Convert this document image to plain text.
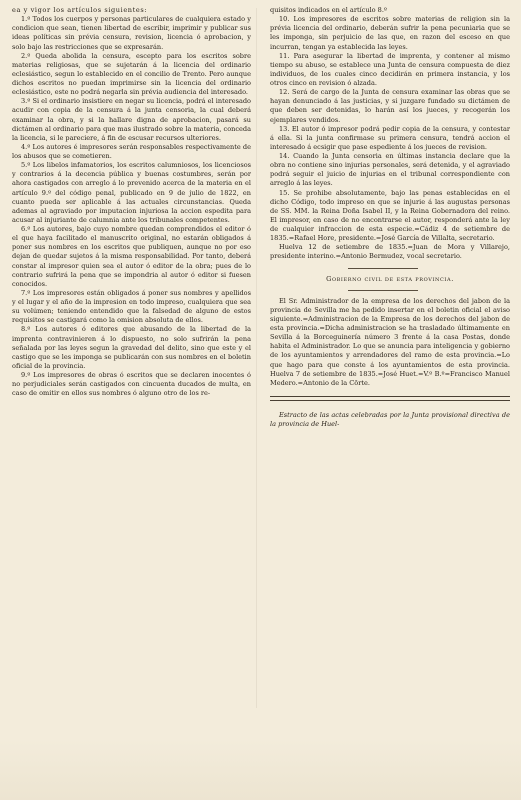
ea y vigor los artículos siguientes:

1.º Todos los cuerpos y personas particulares de cualquiera estado y condicion que sean, tienen libertad de escribir, imprimir y publicar sus ideas políticas sin prévia censura, revision, licencia ó aprobacion, y solo bajo las restricciones que se expresarán.

2.º Queda abolida la censura, escepto para los escritos sobre materias religiosas, que se sujetarán á la licencia del ordinario eclesiástico, segun lo establecido en el concilio de Trento. Pero aunque dichos escritos no puedan imprimirse sin la licencia del ordinario eclesiástico, este no podrá negarla sin prévia audiencia del interesado.

3.º Si el ordinario insistiere en negar su licencia, podrá el interesado acudir con copia de la censura á la junta censoria, la cual deberá examinar la obra, y si la hallare digna de aprobacion, pasará su dictámen al ordinario para que mas ilustrado sobre la materia, conceda la licencia, si le pareciere, á fin de escusar recursos ulteriores.

4.º Los autores é impresores serán responsables respectivamente de los abusos que se cometieren.

5.º Los libelos infamatorios, los escritos calumniosos, los licenciosos y contrarios á la decencia pública y buenas costumbres, serán por ahora castigados con arreglo á lo prevenido acerca de la materia en el artículo 9.º del código penal, publicado en 9 de julio de 1822, en cuanto pueda ser aplicable á las actuales circunstancias. Queda ademas al agraviado por imputacion injuriosa la accion espedita para acusar al injuriante de calumnia ante los tribunales competentes.

6.º Los autores, bajo cuyo nombre quedan comprendidos el editor ó el que haya facilitado el manuscrito original, no estarán obligados á poner sus nombres en los escritos que publiquen, aunque no por eso dejan de quedar sujetos á la misma responsabilidad. Por tanto, deberá constar al impresor quien sea el autor ó editor de la obra; pues de lo contrario sufrirá la pena que se impondria al autor ó editor si fuesen conocidos.

7.º Los impresores están obligados á poner sus nombres y apellidos y el lugar y el año de la impresion en todo impreso, cualquiera que sea su volúmen; teniendo entendido que la falsedad de alguno de estos requisitos se castigará como la omision absoluta de ellos.

8.º Los autores ó editores que abusando de la libertad de la imprenta contravinieren á lo dispuesto, no solo sufrirán la pena señalada por las leyes segun la gravedad del delito, sino que este y el castigo que se les imponga se publicarán con sus nombres en el boletin oficial de la provincia.

9.º Los impresores de obras ó escritos que se declaren inocentes ó no perjudiciales serán castigados con cincuenta ducados de multa, en caso de omitir en ellos sus nombres ó alguno otro de los re-

quisitos indicados en el artículo 8.º

10. Los impresores de escritos sobre materias de religion sin la prévia licencia del ordinario, deberán sufrir la pena pecuniaria que se les imponga, sin perjuicio de las que, en razon del esceso en que incurran, tengan ya establecida las leyes.

11. Para asegurar la libertad de imprenta, y contener al mismo tiempo su abuso, se establece una Junta de censura compuesta de diez individuos, de los cuales cinco decidirán en primera instancia, y los otros cinco en revision ó alzada.

12. Será de cargo de la Junta de censura examinar las obras que se hayan denunciado á las justicias, y si juzgare fundado su dictámen de que deben ser detenidas, lo harán así los jueces, y recogerán los ejemplares vendidos.

13. El autor ó impresor podrá pedir copia de la censura, y contestar á ella. Si la junta confirmase su primera censura, tendrá accion el interesado á ecsigir que pase espediente á los jueces de revision.

14. Cuando la Junta censoria en últimas instancia declare que la obra no contiene sino injurias personales, será detenida, y el agraviado podrá seguir el juicio de injurias en el tribunal correspondiente con arreglo á las leyes.

15. Se prohibe absolutamente, bajo las penas establecidas en el dicho Código, todo impreso en que se injurie á las augustas personas de SS. MM. la Reina Doña Isabel II, y la Reina Gobernadora del reino. El impresor, en caso de no encontrarse el autor, responderá ante la ley de cualquier infraccion de esta especie.=Cádiz 4 de setiembre de 1835.=Rafael Hore, presidente.=José García de Villalta, secretario.

Huelva 12 de setiembre de 1835.=Juan de Mora y Villarejo, presidente interino.=Antonio Bermudez, vocal secretario.

Gobierno civil de esta provincia.

El Sr. Administrador de la empresa de los derechos del jabon de la provincia de Sevilla me ha pedido insertar en el boletin oficial el aviso siguiente.=Administracion de la Empresa de los derechos del jabon de esta provincia.=Dicha administracion se ha trasladado últimamente en Sevilla á la Borceguinería número 3 frente á la casa Postas, donde habita el Administrador. Lo que se anuncia para inteligencia y gobierno de los ayuntamientos y arrendadores del ramo de esta provincia.=Lo que hago para que conste á los ayuntamientos de esta provincia. Huelva 7 de setiembre de 1835.=José Huet.=V.º B.º=Francisco Manuel Medero.=Antonio de la Cōrte.

Estracto de las actas celebradas por la Junta provisional directiva de la provincia de Huel-
